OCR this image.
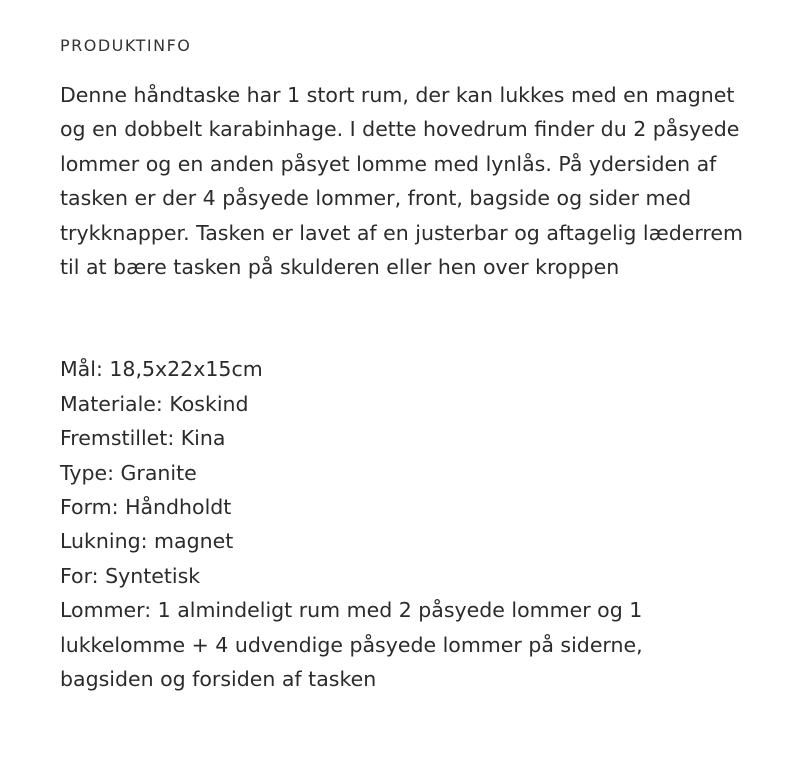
PRODUKTINFO

Denne håndtaske har 1 stort rum, der kan lukkes med en magnet og en dobbelt karabinhage. I dette hovedrum finder du 2 påsyede lommer og en anden påsyet lomme med lynlås. På ydersiden af tasken er der 4 påsyede lommer, front, bagside og sider med trykknapper. Tasken er lavet af en justerbar og aftagelig læderrem til at bære tasken på skulderen eller hen over kroppen

Mål: 18,5x22x15cm
Materiale: Koskind
Fremstillet: Kina
Type: Granite
Form: Håndholdt
Lukning: magnet
For: Syntetisk
Lommer: 1 almindeligt rum med 2 påsyede lommer og 1 lukkelomme + 4 udvendige påsyede lommer på siderne, bagsiden og forsiden af tasken
